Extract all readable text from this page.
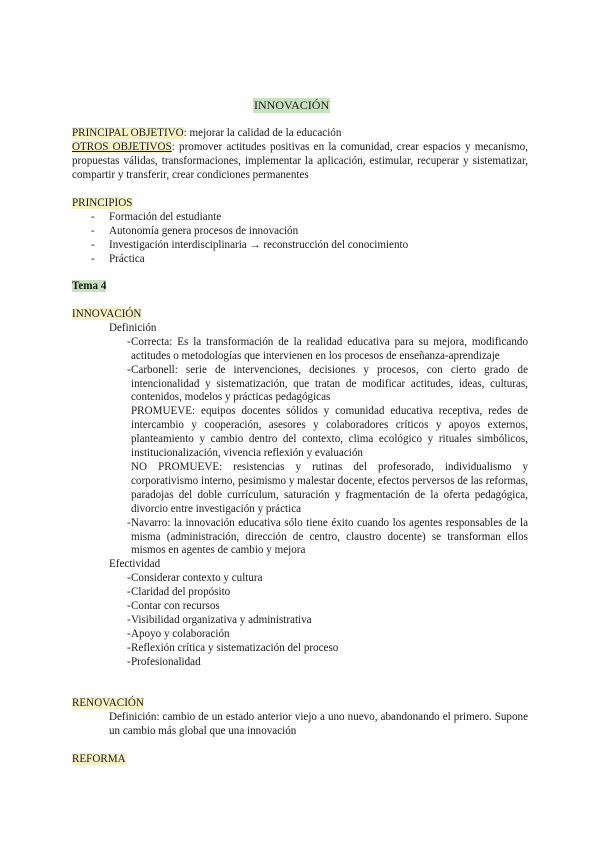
INNOVACIÓN
PRINCIPAL OBJETIVO: mejorar la calidad de la educación
OTROS OBJETIVOS: promover actitudes positivas en la comunidad, crear espacios y mecanismo, propuestas válidas, transformaciones, implementar la aplicación, estimular, recuperar y sistematizar, compartir y transferir, crear condiciones permanentes
PRINCIPIOS
- Formación del estudiante
- Autonomía genera procesos de innovación
- Investigación interdisciplinaria → reconstrucción del conocimiento
- Práctica
Tema 4
INNOVACIÓN
Definición
- Correcta: Es la transformación de la realidad educativa para su mejora, modificando actitudes o metodologías que intervienen en los procesos de enseñanza-aprendizaje
- Carbonell: serie de intervenciones, decisiones y procesos, con cierto grado de intencionalidad y sistematización, que tratan de modificar actitudes, ideas, culturas, contenidos, modelos y prácticas pedagógicas
PROMUEVE: equipos docentes sólidos y comunidad educativa receptiva, redes de intercambio y cooperación, asesores y colaboradores críticos y apoyos externos, planteamiento y cambio dentro del contexto, clima ecológico y rituales simbólicos, institucionalización, vivencia reflexión y evaluación
NO PROMUEVE: resistencias y rutinas del profesorado, individualismo y corporativismo interno, pesimismo y malestar docente, efectos perversos de las reformas, paradojas del doble currículum, saturación y fragmentación de la oferta pedagógica, divorcio entre investigación y práctica
- Navarro: la innovación educativa sólo tiene éxito cuando los agentes responsables de la misma (administración, dirección de centro, claustro docente) se transforman ellos mismos en agentes de cambio y mejora
Efectividad
- Considerar contexto y cultura
- Claridad del propósito
- Contar con recursos
- Visibilidad organizativa y administrativa
- Apoyo y colaboración
- Reflexión crítica y sistematización del proceso
- Profesionalidad
RENOVACIÓN
Definición: cambio de un estado anterior viejo a uno nuevo, abandonando el primero. Supone un cambio más global que una innovación
REFORMA
